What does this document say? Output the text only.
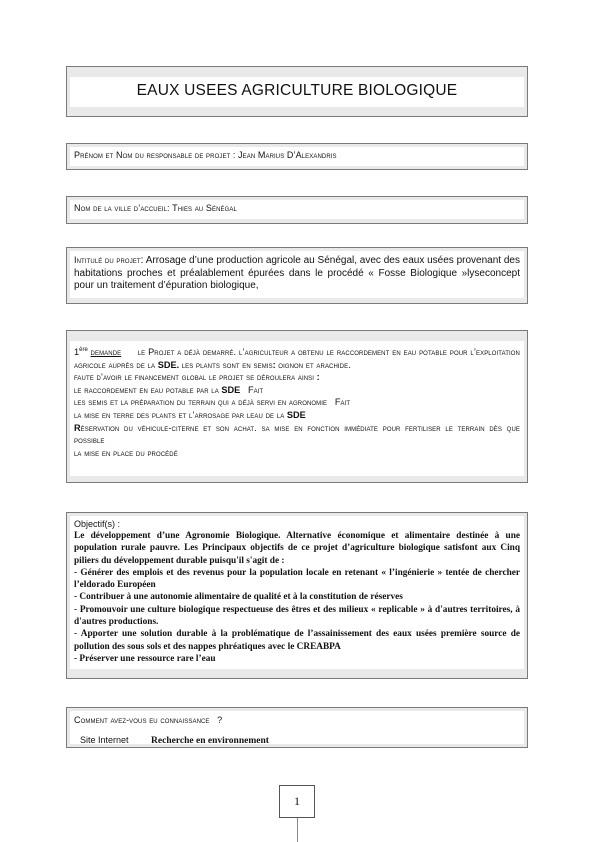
EAUX USEES AGRICULTURE BIOLOGIQUE
Prénom et Nom du responsable de projet : Jean Marius D’Alexandris
Nom de la ville d’accueil: Thies au Sénégal
Intitulé du projet: Arrosage d’une production agricole au Sénégal, avec des eaux usées provenant des habitations proches et préalablement épurées dans le procédé « Fosse Biologique »lyseconcept pour un traitement d’épuration biologique,
1ère demande le Projet a déjà demarré. l’agriculteur a obtenu le raccordement en eau potable pour l’exploitation agricole auprès de la SDE. les plants sont en semis: oignon et arachide.
faute d’avoir le financement global le projet se déroulera ainsi :
le raccordement en eau potable par la SDE Fait
les semis et la préparation du terrain qui a déjà servi en agronomie Fait
la mise en terre des plants et l’arrosage par leau de la SDE
Réservation du véhicule-citerne et son achat. sa mise en fonction immédiate pour fertiliser le terrain dès que possible
la mise en place du procédé
Objectif(s) :
Le développement d’une Agronomie Biologique. Alternative économique et alimentaire destinée à une population rurale pauvre. Les Principaux objectifs de ce projet d’agriculture biologique satisfont aux Cinq piliers du développement durable puisqu'il s'agit de :
- Générer des emplois et des revenus pour la population locale en retenant « l’ingénierie » tentée de chercher l’eldorado Européen
- Contribuer à une autonomie alimentaire de qualité et à la constitution de réserves
- Promouvoir une culture biologique respectueuse des êtres et des milieux « replicable » à d'autres territoires, à d'autres productions.
- Apporter une solution durable à la problématique de l’assainissement des eaux usées première source de pollution des sous sols et des nappes phréatiques avec le CREABPA
- Préserver une ressource rare l’eau
Comment avez-vous eu connaissance ?
Site Internet Recherche en environnement
1
